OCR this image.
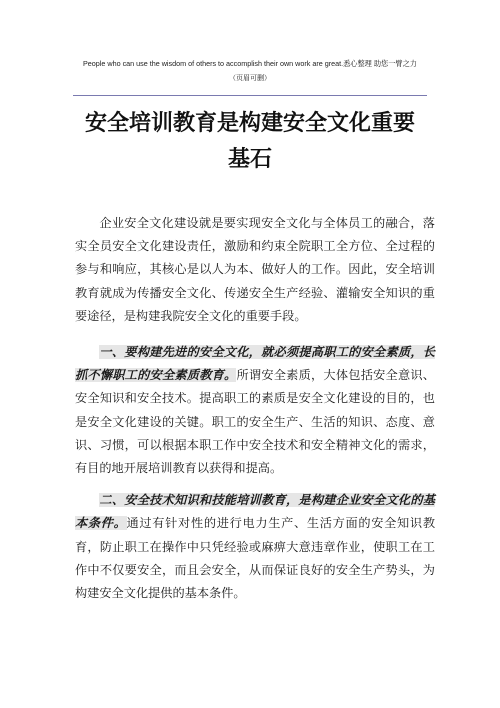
People who can use the wisdom of others to accomplish their own work are great.悉心整理 助您一臂之力
（页眉可删）
安全培训教育是构建安全文化重要
基石

企业安全文化建设就是要实现安全文化与全体员工的融合，落实全员安全文化建设责任，激励和约束全院职工全方位、全过程的参与和响应，其核心是以人为本、做好人的工作。因此，安全培训教育就成为传播安全文化、传递安全生产经验、灌输安全知识的重要途径，是构建我院安全文化的重要手段。

一、要构建先进的安全文化，就必须提高职工的安全素质，长抓不懈职工的安全素质教育。所谓安全素质，大体包括安全意识、安全知识和安全技术。提高职工的素质是安全文化建设的目的，也是安全文化建设的关键。职工的安全生产、生活的知识、态度、意识、习惯，可以根据本职工作中安全技术和安全精神文化的需求，有目的地开展培训教育以获得和提高。

二、安全技术知识和技能培训教育，是构建企业安全文化的基本条件。通过有针对性的进行电力生产、生活方面的安全知识教育，防止职工在操作中只凭经验或麻痹大意违章作业，使职工在工作中不仅要安全，而且会安全，从而保证良好的安全生产势头，为构建安全文化提供的基本条件。
